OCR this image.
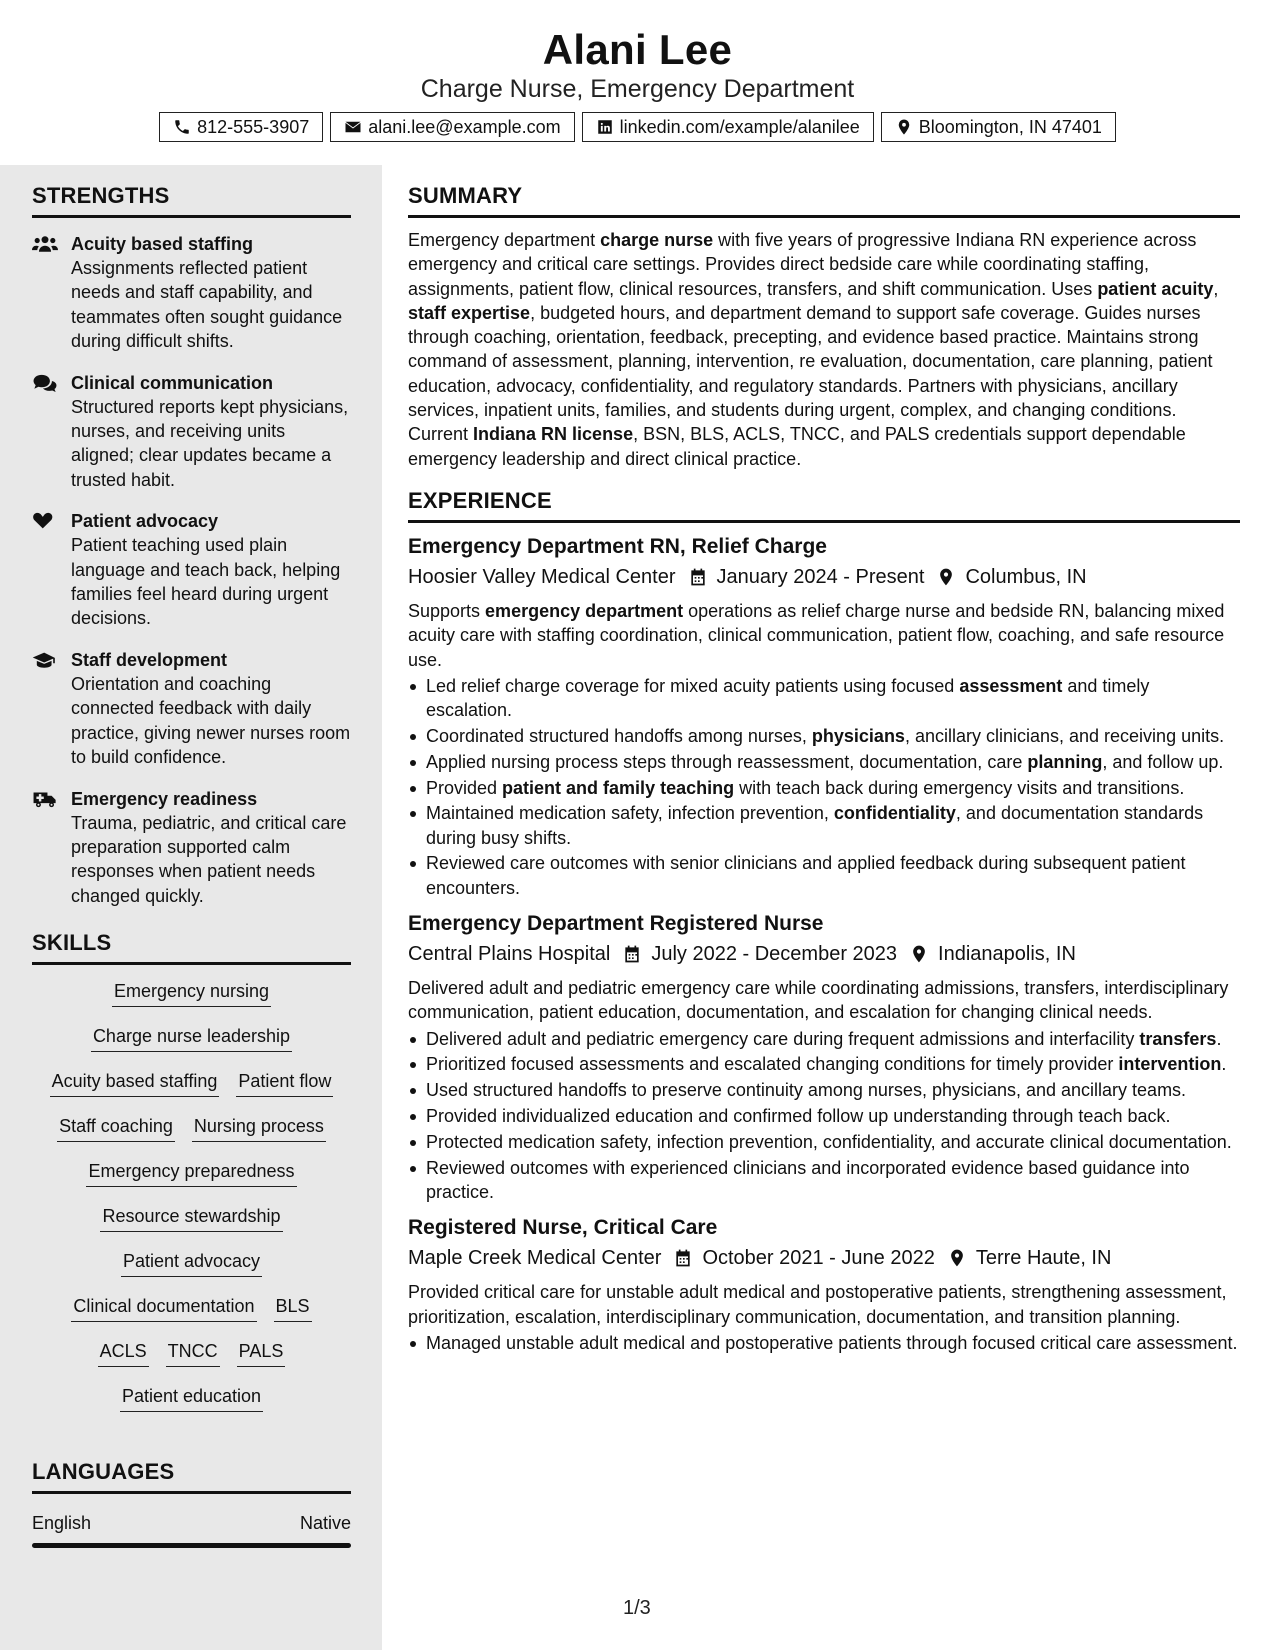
Alani Lee
Charge Nurse, Emergency Department
812-555-3907	alani.lee@example.com	linkedin.com/example/alanilee	Bloomington, IN 47401
STRENGTHS
Acuity based staffing
Assignments reflected patient needs and staff capability, and teammates often sought guidance during difficult shifts.
Clinical communication
Structured reports kept physicians, nurses, and receiving units aligned; clear updates became a trusted habit.
Patient advocacy
Patient teaching used plain language and teach back, helping families feel heard during urgent decisions.
Staff development
Orientation and coaching connected feedback with daily practice, giving newer nurses room to build confidence.
Emergency readiness
Trauma, pediatric, and critical care preparation supported calm responses when patient needs changed quickly.
SKILLS
Emergency nursing
Charge nurse leadership
Acuity based staffing Patient flow
Staff coaching Nursing process
Emergency preparedness
Resource stewardship
Patient advocacy
Clinical documentation BLS
ACLS TNCC PALS
Patient education
LANGUAGES
English	Native
SUMMARY
Emergency department charge nurse with five years of progressive Indiana RN experience across emergency and critical care settings. Provides direct bedside care while coordinating staffing, assignments, patient flow, clinical resources, transfers, and shift communication. Uses patient acuity, staff expertise, budgeted hours, and department demand to support safe coverage. Guides nurses through coaching, orientation, feedback, precepting, and evidence based practice. Maintains strong command of assessment, planning, intervention, re evaluation, documentation, care planning, patient education, advocacy, confidentiality, and regulatory standards. Partners with physicians, ancillary services, inpatient units, families, and students during urgent, complex, and changing conditions. Current Indiana RN license, BSN, BLS, ACLS, TNCC, and PALS credentials support dependable emergency leadership and direct clinical practice.
EXPERIENCE
Emergency Department RN, Relief Charge
Hoosier Valley Medical Center January 2024 - Present Columbus, IN
Supports emergency department operations as relief charge nurse and bedside RN, balancing mixed acuity care with staffing coordination, clinical communication, patient flow, coaching, and safe resource use.
Led relief charge coverage for mixed acuity patients using focused assessment and timely escalation.
Coordinated structured handoffs among nurses, physicians, ancillary clinicians, and receiving units.
Applied nursing process steps through reassessment, documentation, care planning, and follow up.
Provided patient and family teaching with teach back during emergency visits and transitions.
Maintained medication safety, infection prevention, confidentiality, and documentation standards during busy shifts.
Reviewed care outcomes with senior clinicians and applied feedback during subsequent patient encounters.
Emergency Department Registered Nurse
Central Plains Hospital July 2022 - December 2023 Indianapolis, IN
Delivered adult and pediatric emergency care while coordinating admissions, transfers, interdisciplinary communication, patient education, documentation, and escalation for changing clinical needs.
Delivered adult and pediatric emergency care during frequent admissions and interfacility transfers.
Prioritized focused assessments and escalated changing conditions for timely provider intervention.
Used structured handoffs to preserve continuity among nurses, physicians, and ancillary teams.
Provided individualized education and confirmed follow up understanding through teach back.
Protected medication safety, infection prevention, confidentiality, and accurate clinical documentation.
Reviewed outcomes with experienced clinicians and incorporated evidence based guidance into practice.
Registered Nurse, Critical Care
Maple Creek Medical Center October 2021 - June 2022 Terre Haute, IN
Provided critical care for unstable adult medical and postoperative patients, strengthening assessment, prioritization, escalation, interdisciplinary communication, documentation, and transition planning.
Managed unstable adult medical and postoperative patients through focused critical care assessment.
1/3
